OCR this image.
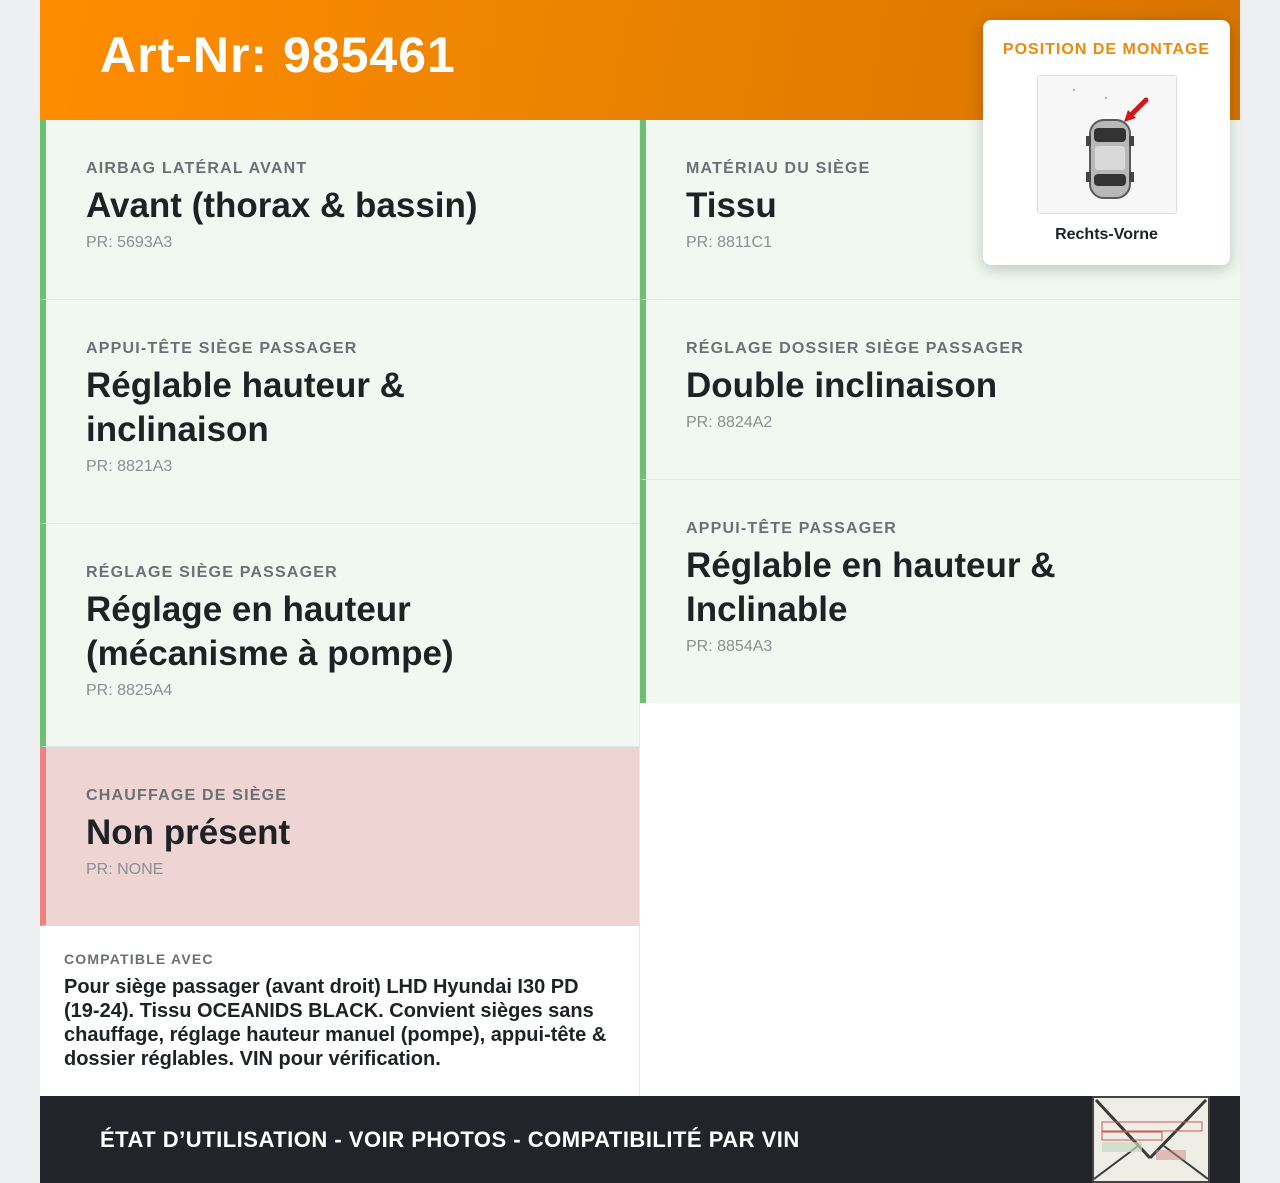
Art-Nr: 985461
AIRBAG LATÉRAL AVANT
Avant (thorax & bassin)
PR: 5693A3
APPUI-TÊTE SIÈGE PASSAGER
Réglable hauteur & inclinaison
PR: 8821A3
RÉGLAGE SIÈGE PASSAGER
Réglage en hauteur (mécanisme à pompe)
PR: 8825A4
CHAUFFAGE DE SIÈGE
Non présent
PR: NONE
MATÉRIAU DU SIÈGE
Tissu
PR: 8811C1
RÉGLAGE DOSSIER SIÈGE PASSAGER
Double inclinaison
PR: 8824A2
APPUI-TÊTE PASSAGER
Réglable en hauteur & Inclinable
PR: 8854A3
COMPATIBLE AVEC
Pour siège passager (avant droit) LHD Hyundai I30 PD (19-24). Tissu OCEANIDS BLACK. Convient sièges sans chauffage, réglage hauteur manuel (pompe), appui-tête & dossier réglables. VIN pour vérification.
ÉTAT D’UTILISATION - VOIR PHOTOS - COMPATIBILITÉ PAR VIN
POSITION DE MONTAGE
Rechts-Vorne
